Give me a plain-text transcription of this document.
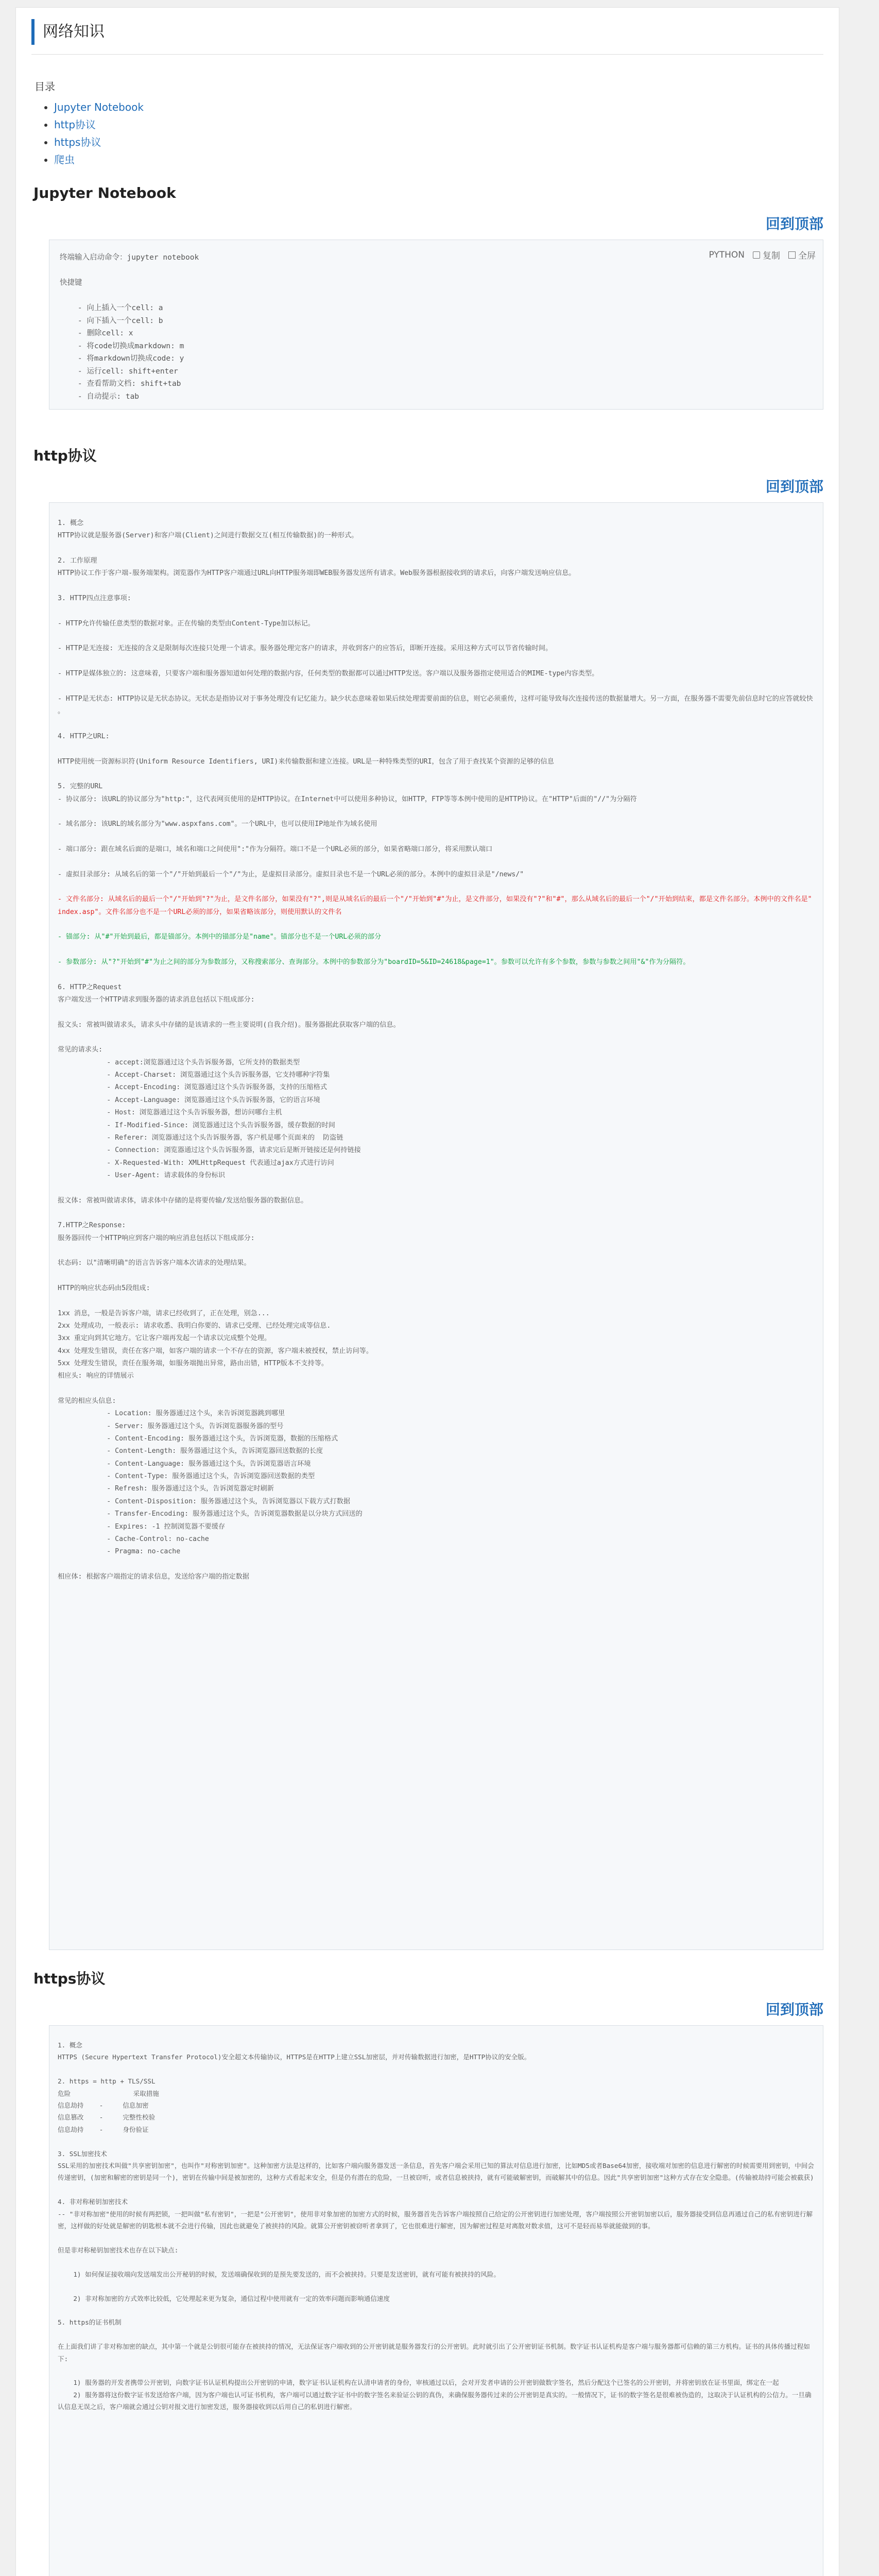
网络知识
目录
• Jupyter Notebook
• http协议
• https协议
• 爬虫
Jupyter Notebook
回到顶部
PYTHON 复制 全屏
终端输入启动命令：jupyter notebook

快捷键

- 向上插入一个cell: a
- 向下插入一个cell: b
- 删除cell: x
- 将code切换成markdown: m
- 将markdown切换成code: y
- 运行cell: shift+enter
- 查看帮助文档: shift+tab
- 自动提示: tab
http协议
回到顶部
1. 概念
HTTP协议就是服务器(Server)和客户端(Client)之间进行数据交互(相互传输数据)的一种形式。

2. 工作原理
HTTP协议工作于客户端-服务端架构。浏览器作为HTTP客户端通过URL向HTTP服务端即WEB服务器发送所有请求。Web服务器根据接收到的请求后，向客户端发送响应信息。

3. HTTP四点注意事项:

- HTTP允许传输任意类型的数据对象。正在传输的类型由Content-Type加以标记。

- HTTP是无连接: 无连接的含义是限制每次连接只处理一个请求。服务器处理完客户的请求，并收到客户的应答后，即断开连接。采用这种方式可以节省传输时间。

- HTTP是媒体独立的: 这意味着，只要客户端和服务器知道如何处理的数据内容，任何类型的数据都可以通过HTTP发送。客户端以及服务器指定使用适合的MIME-type内容类型。

- HTTP是无状态: HTTP协议是无状态协议。无状态是指协议对于事务处理没有记忆能力。缺少状态意味着如果后续处理需要前面的信息，则它必须重传，这样可能导致每次连接传送的数据量增大。另一方面，在服务器不需要先前信息时它的应答就较快
。

4. HTTP之URL:

HTTP使用统一资源标识符(Uniform Resource Identifiers, URI)来传输数据和建立连接。URL是一种特殊类型的URI，包含了用于查找某个资源的足够的信息

5. 完整的URL
- 协议部分: 该URL的协议部分为"http:"，这代表网页使用的是HTTP协议。在Internet中可以使用多种协议，如HTTP，FTP等等本例中使用的是HTTP协议。在"HTTP"后面的"//"为分隔符

- 域名部分: 该URL的域名部分为"www.aspxfans.com"。一个URL中，也可以使用IP地址作为域名使用

- 端口部分: 跟在域名后面的是端口，域名和端口之间使用":"作为分隔符。端口不是一个URL必须的部分，如果省略端口部分，将采用默认端口

- 虚拟目录部分: 从域名后的第一个"/"开始到最后一个"/"为止，是虚拟目录部分。虚拟目录也不是一个URL必须的部分。本例中的虚拟目录是"/news/"

- 文件名部分: 从域名后的最后一个"/"开始到"?"为止，是文件名部分，如果没有"?",则是从域名后的最后一个"/"开始到"#"为止，是文件部分，如果没有"?"和"#"，那么从域名后的最后一个"/"开始到结束，都是文件名部分。本例中的文件名是"
index.asp"。文件名部分也不是一个URL必须的部分，如果省略该部分，则使用默认的文件名

- 锚部分: 从"#"开始到最后，都是锚部分。本例中的锚部分是"name"。锚部分也不是一个URL必须的部分

- 参数部分: 从"?"开始到"#"为止之间的部分为参数部分，又称搜索部分、查询部分。本例中的参数部分为"boardID=5&ID=24618&page=1"。参数可以允许有多个参数，参数与参数之间用"&"作为分隔符。

6. HTTP之Request
客户端发送一个HTTP请求到服务器的请求消息包括以下组成部分:

报文头: 常被叫做请求头，请求头中存储的是该请求的一些主要说明(自我介绍)。服务器据此获取客户端的信息。

常见的请求头:
- accept:浏览器通过这个头告诉服务器，它所支持的数据类型
- Accept-Charset: 浏览器通过这个头告诉服务器，它支持哪种字符集
- Accept-Encoding: 浏览器通过这个头告诉服务器，支持的压缩格式
- Accept-Language: 浏览器通过这个头告诉服务器，它的语言环境
- Host: 浏览器通过这个头告诉服务器，想访问哪台主机
- If-Modified-Since: 浏览器通过这个头告诉服务器，缓存数据的时间
- Referer: 浏览器通过这个头告诉服务器，客户机是哪个页面来的  防盗链
- Connection: 浏览器通过这个头告诉服务器，请求完后是断开链接还是何持链接
- X-Requested-With: XMLHttpRequest 代表通过ajax方式进行访问
- User-Agent: 请求载体的身份标识

报文体: 常被叫做请求体，请求体中存储的是将要传输/发送给服务器的数据信息。

7.HTTP之Response:
服务器回传一个HTTP响应到客户端的响应消息包括以下组成部分:

状态码: 以"清晰明确"的语言告诉客户端本次请求的处理结果。

HTTP的响应状态码由5段组成:

1xx 消息，一般是告诉客户端，请求已经收到了，正在处理，别急...
2xx 处理成功，一般表示: 请求收悉、我明白你要的、请求已受理、已经处理完成等信息.
3xx 重定向到其它地方。它让客户端再发起一个请求以完成整个处理。
4xx 处理发生错误，责任在客户端，如客户端的请求一个不存在的资源，客户端未被授权，禁止访问等。
5xx 处理发生错误，责任在服务端，如服务端抛出异常，路由出错，HTTP版本不支持等。
相应头: 响应的详情展示

常见的相应头信息:
- Location: 服务器通过这个头，来告诉浏览器跳到哪里
- Server: 服务器通过这个头，告诉浏览器服务器的型号
- Content-Encoding: 服务器通过这个头，告诉浏览器，数据的压缩格式
- Content-Length: 服务器通过这个头，告诉浏览器回送数据的长度
- Content-Language: 服务器通过这个头，告诉浏览器语言环境
- Content-Type: 服务器通过这个头，告诉浏览器回送数据的类型
- Refresh: 服务器通过这个头，告诉浏览器定时刷新
- Content-Disposition: 服务器通过这个头，告诉浏览器以下载方式打数据
- Transfer-Encoding: 服务器通过这个头，告诉浏览器数据是以分块方式回送的
- Expires: -1 控制浏览器不要缓存
- Cache-Control: no-cache
- Pragma: no-cache

相应体: 根据客户端指定的请求信息，发送给客户端的指定数据
https协议
回到顶部
1. 概念
HTTPS (Secure Hypertext Transfer Protocol)安全超文本传输协议，HTTPS是在HTTP上建立SSL加密层，并对传输数据进行加密，是HTTP协议的安全版。

2. https = http + TLS/SSL
危险                采取措施
信息劫持    -     信息加密
信息篡改    -     完整性校验
信息劫持    -     身份验证

3. SSL加密技术
SSL采用的加密技术叫做"共享密钥加密"，也叫作"对称密钥加密"。这种加密方法是这样的，比如客户端向服务器发送一条信息，首先客户端会采用已知的算法对信息进行加密，比如MD5或者Base64加密，接收端对加密的信息进行解密的时候需要用到密钥，中间会
传递密钥，(加密和解密的密钥是同一个)，密钥在传输中间是被加密的，这种方式看起来安全，但是仍有潜在的危险，一旦被窃听，或者信息被挟持，就有可能破解密钥，而破解其中的信息。因此"共享密钥加密"这种方式存在安全隐患。(传输被劫持可能会被截获)

4. 非对称秘钥加密技术
-- "非对称加密"使用的时候有两把锁，一把叫做"私有密钥"，一把是"公开密钥"，使用非对象加密的加密方式的时候，服务器首先告诉客户端按照自己给定的公开密钥进行加密处理，客户端按照公开密钥加密以后，服务器接受到信息再通过自己的私有密钥进行解
密，这样做的好处就是解密的钥匙根本就不会进行传输，因此也就避免了被挟持的风险。就算公开密钥被窃听者拿到了，它也很难进行解密，因为解密过程是对离散对数求值，这可不是轻而易举就能做到的事。

但是非对称秘钥加密技术也存在以下缺点:

1) 如何保证接收端向发送端发出公开秘钥的时候，发送端确保收到的是预先要发送的，而不会被挟持。只要是发送密钥，就有可能有被挟持的风险。

2) 非对称加密的方式效率比较低，它处理起来更为复杂，通信过程中使用就有一定的效率问题而影响通信速度

5. https的证书机制

在上面我们讲了非对称加密的缺点，其中第一个就是公钥很可能存在被挟持的情况，无法保证客户端收到的公开密钥就是服务器发行的公开密钥。此时就引出了公开密钥证书机制。数字证书认证机构是客户端与服务器都可信赖的第三方机构。证书的具体传播过程如
下:

1) 服务器的开发者携带公开密钥，向数字证书认证机构提出公开密钥的申请，数字证书认证机构在认清申请者的身份，审核通过以后，会对开发者申请的公开密钥做数字签名，然后分配这个已签名的公开密钥，并将密钥放在证书里面，绑定在一起
2) 服务器将这份数字证书发送给客户端，因为客户端也认可证书机构，客户端可以通过数字证书中的数字签名来验证公钥的真伪，来确保服务器传过来的公开密钥是真实的。一般情况下，证书的数字签名是很难被伪造的，这取决于认证机构的公信力。一旦确
认信息无误之后，客户端就会通过公钥对报文进行加密发送，服务器接收到以后用自己的私钥进行解密。
